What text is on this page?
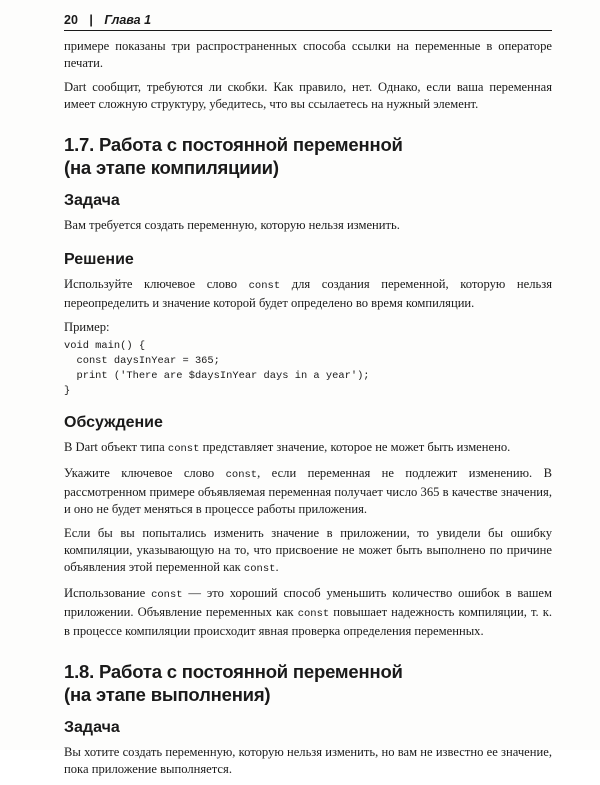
20 | Глава 1

примере показаны три распространенных способа ссылки на переменные в операторе печати.

Dart сообщит, требуются ли скобки. Как правило, нет. Однако, если ваша переменная имеет сложную структуру, убедитесь, что вы ссылаетесь на нужный элемент.

1.7. Работа с постоянной переменной
(на этапе компиляциии)
Задача

Вам требуется создать переменную, которую нельзя изменить.

Решение

Используйте ключевое слово const для создания переменной, которую нельзя переопределить и значение которой будет определено во время компиляции.

Пример:

void main() {
const daysInYear = 365;
print ('There are $daysInYear days in a year');
}
Обсуждение

В Dart объект типа const представляет значение, которое не может быть изменено.

Укажите ключевое слово const, если переменная не подлежит изменению. В рассмотренном примере объявляемая переменная получает число 365 в качестве значения, и оно не будет меняться в процессе работы приложения.

Если бы вы попытались изменить значение в приложении, то увидели бы ошибку компиляции, указывающую на то, что присвоение не может быть выполнено по причине объявления этой переменной как const.

Использование const — это хороший способ уменьшить количество ошибок в вашем приложении. Объявление переменных как const повышает надежность компиляции, т. к. в процессе компиляции происходит явная проверка определения переменных.

1.8. Работа с постоянной переменной
(на этапе выполнения)
Задача

Вы хотите создать переменную, которую нельзя изменить, но вам не известно ее значение, пока приложение выполняется.
